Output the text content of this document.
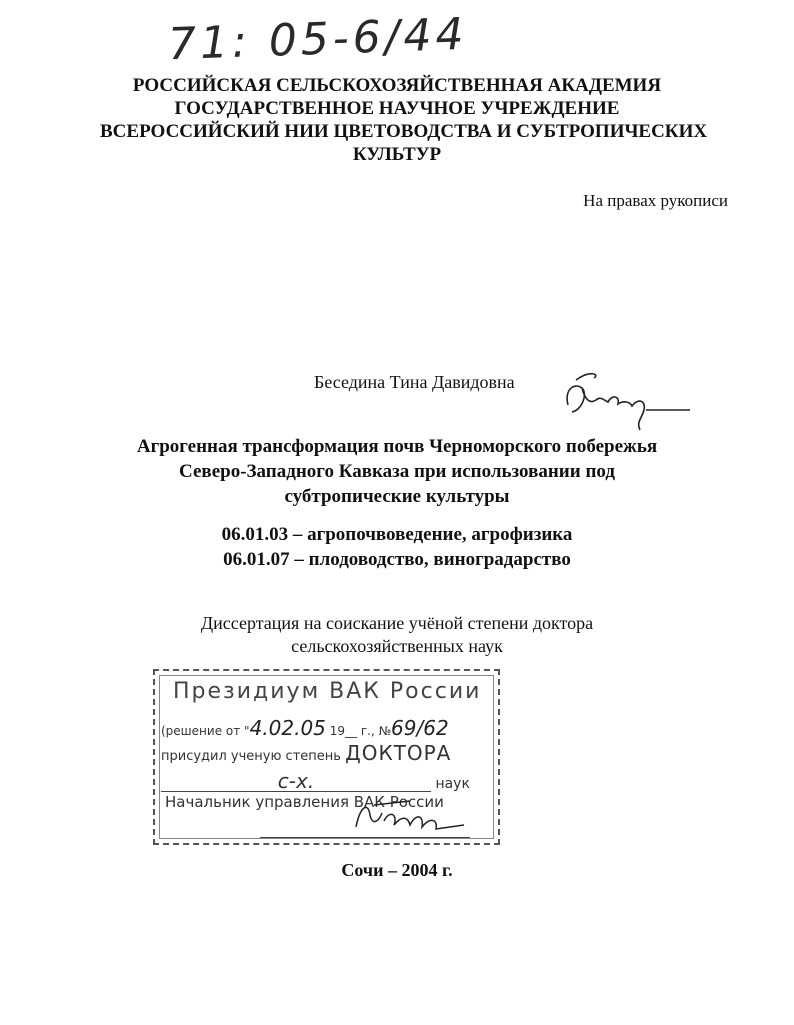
71: 05-6/44
РОССИЙСКАЯ СЕЛЬСКОХОЗЯЙСТВЕННАЯ АКАДЕМИЯ
ГОСУДАРСТВЕННОЕ НАУЧНОЕ УЧРЕЖДЕНИЕ
ВСЕРОССИЙСКИЙ НИИ ЦВЕТОВОДСТВА И СУБТРОПИЧЕСКИХ
КУЛЬТУР
На правах рукописи
Беседина Тина Давидовна
Агрогенная трансформация почв Черноморского побережья
Северо-Западного Кавказа при использовании под
субтропические культуры
06.01.03 – агропочвоведение, агрофизика
06.01.07 – плодоводство, виноградарство
Диссертация на соискание учёной степени доктора
сельскохозяйственных наук
Президиум ВАК России
(решение от "4.02.05 19__ г., №69/62
присудил ученую степень ДОКТОРА
с-х.	наук
Начальник управления ВАК России
Сочи – 2004 г.
